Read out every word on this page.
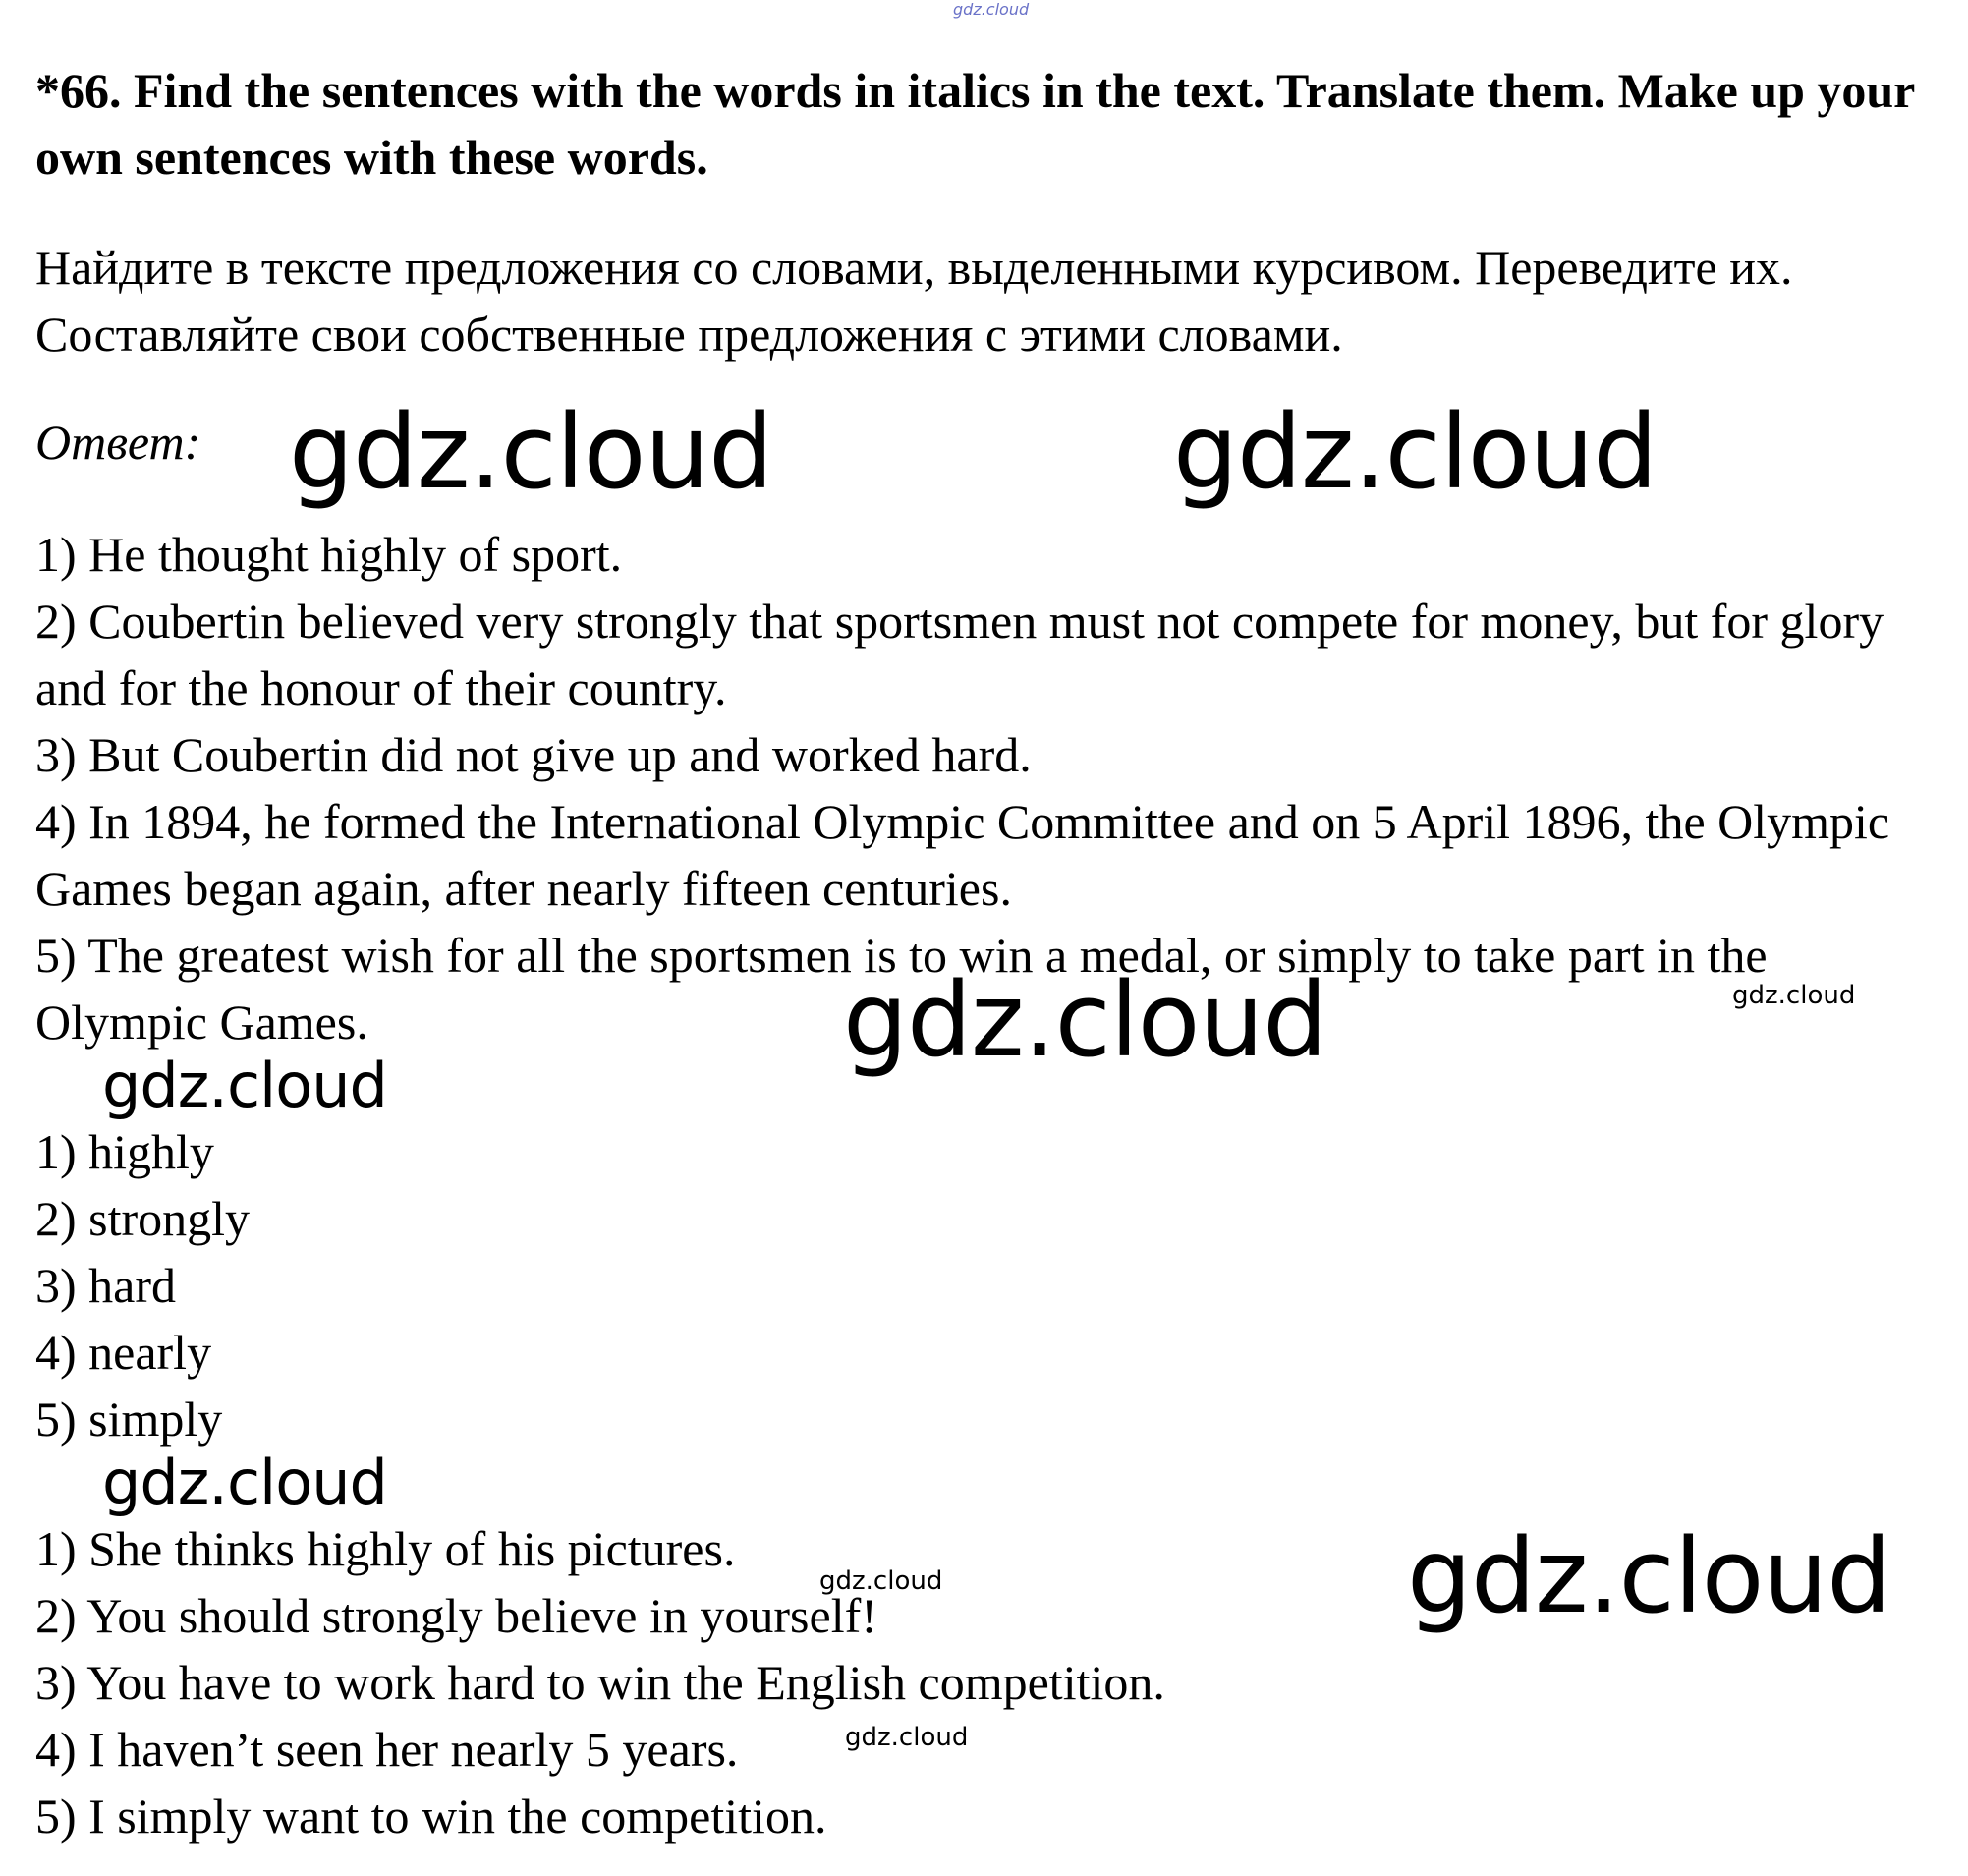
gdz.cloud

*66. Find the sentences with the words in italics in the text. Translate them. Make up your own sentences with these words.

Найдите в тексте предложения со словами, выделенными курсивом. Переведите их. Составляйте свои собственные предложения с этими словами.

Ответ: gdz.cloud	gdz.cloud
1) He thought highly of sport.
2) Coubertin believed very strongly that sportsmen must not compete for money, but for glory and for the honour of their country.
3) But Coubertin did not give up and worked hard.
4) In 1894, he formed the International Olympic Committee and on 5 April 1896, the Olympic Games began again, after nearly fifteen centuries.
5) The greatest wish for all the sportsmen is to win a medal, or simply to take part in the Olympic Games.	gdz.cloud	gdz.cloud
gdz.cloud
1) highly
2) strongly
3) hard
4) nearly
5) simply
gdz.cloud
1) She thinks highly of his pictures.
2) You should strongly believe in yourself!
3) You have to work hard to win the English competition.
4) I haven’t seen her nearly 5 years.
5) I simply want to win the competition.
gdz.cloud
gdz.cloud
gdz.cloud
